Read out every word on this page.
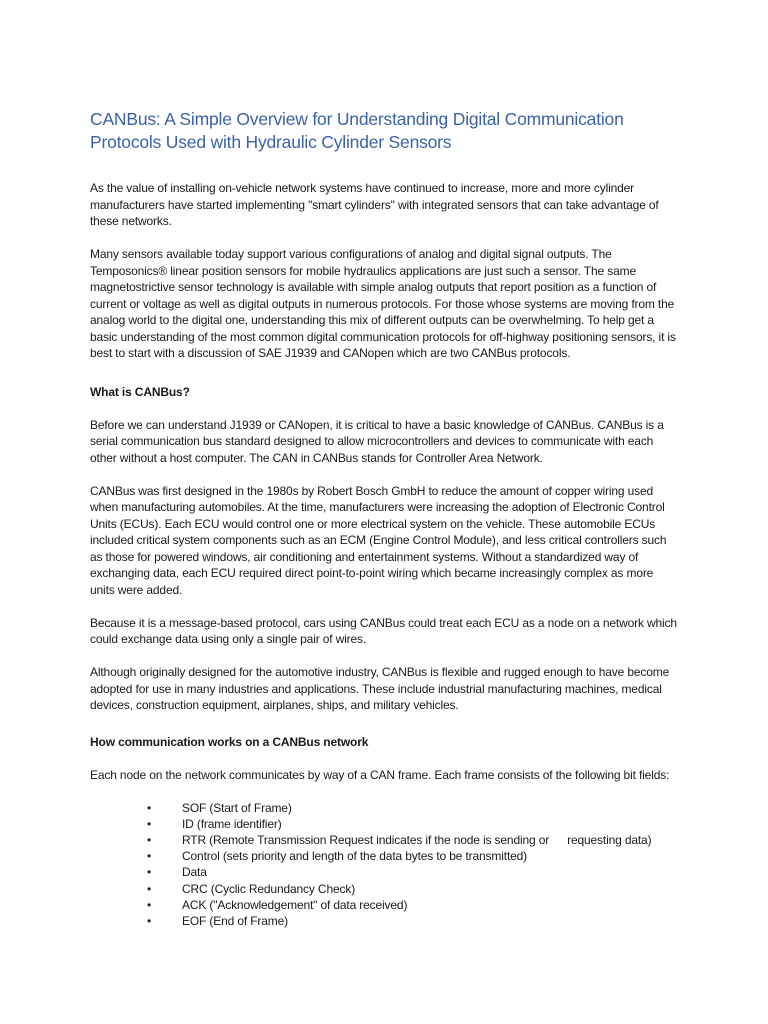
CANBus: A Simple Overview for Understanding Digital Communication Protocols Used with Hydraulic Cylinder Sensors

As the value of installing on-vehicle network systems have continued to increase, more and more cylinder manufacturers have started implementing "smart cylinders" with integrated sensors that can take advantage of these networks.

Many sensors available today support various configurations of analog and digital signal outputs. The Temposonics® linear position sensors for mobile hydraulics applications are just such a sensor. The same magnetostrictive sensor technology is available with simple analog outputs that report position as a function of current or voltage as well as digital outputs in numerous protocols. For those whose systems are moving from the analog world to the digital one, understanding this mix of different outputs can be overwhelming. To help get a basic understanding of the most common digital communication protocols for off-highway positioning sensors, it is best to start with a discussion of SAE J1939 and CANopen which are two CANBus protocols.

What is CANBus?

Before we can understand J1939 or CANopen, it is critical to have a basic knowledge of CANBus. CANBus is a serial communication bus standard designed to allow microcontrollers and devices to communicate with each other without a host computer. The CAN in CANBus stands for Controller Area Network.

CANBus was first designed in the 1980s by Robert Bosch GmbH to reduce the amount of copper wiring used when manufacturing automobiles. At the time, manufacturers were increasing the adoption of Electronic Control Units (ECUs). Each ECU would control one or more electrical system on the vehicle. These automobile ECUs included critical system components such as an ECM (Engine Control Module), and less critical controllers such as those for powered windows, air conditioning and entertainment systems. Without a standardized way of exchanging data, each ECU required direct point-to-point wiring which became increasingly complex as more units were added.

Because it is a message-based protocol, cars using CANBus could treat each ECU as a node on a network which could exchange data using only a single pair of wires.

Although originally designed for the automotive industry, CANBus is flexible and rugged enough to have become adopted for use in many industries and applications. These include industrial manufacturing machines, medical devices, construction equipment, airplanes, ships, and military vehicles.

How communication works on a CANBus network

Each node on the network communicates by way of a CAN frame. Each frame consists of the following bit fields:

•	SOF (Start of Frame)
•	ID (frame identifier)
•	RTR (Remote Transmission Request indicates if the node is sending or requesting data)
•	Control (sets priority and length of the data bytes to be transmitted)
•	Data
•	CRC (Cyclic Redundancy Check)
•	ACK ("Acknowledgement" of data received)
•	EOF (End of Frame)
